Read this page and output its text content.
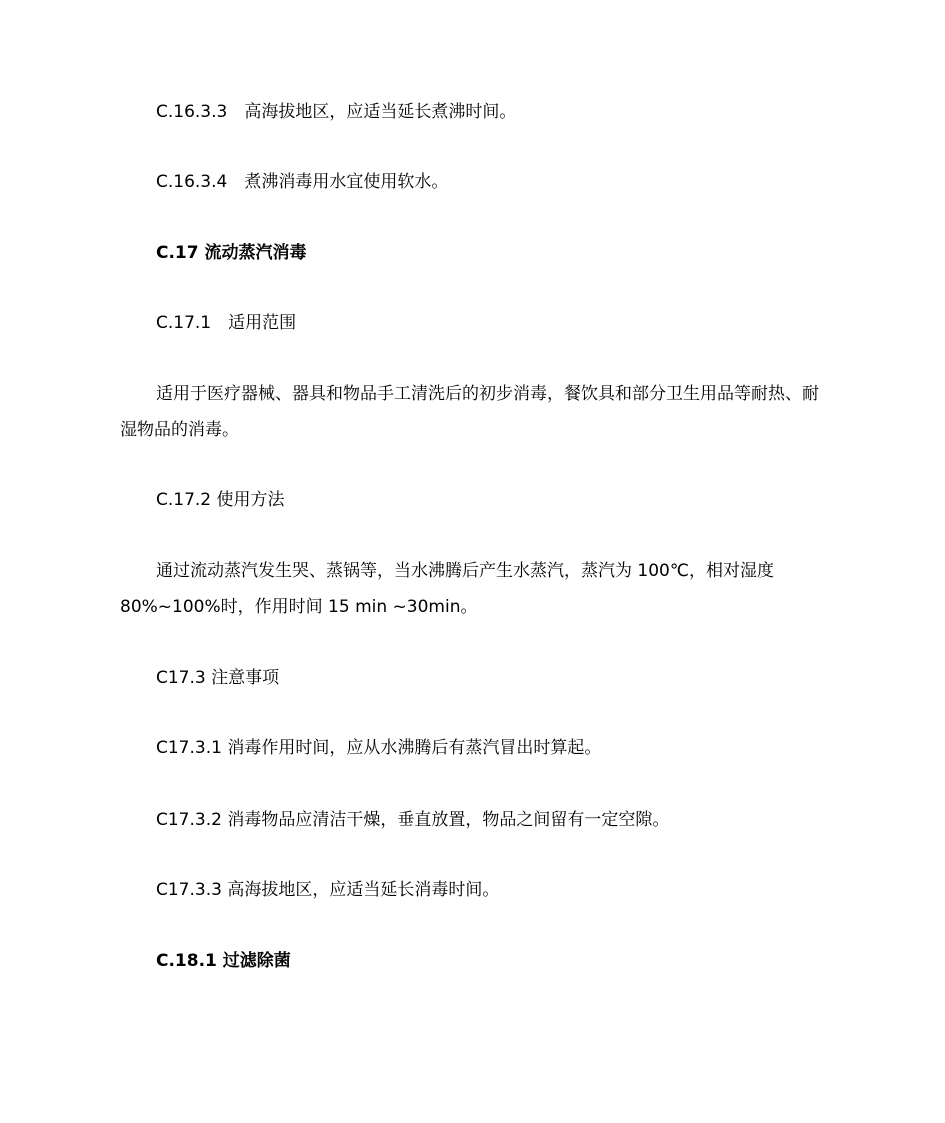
C.16.3.3　高海拔地区，应适当延长煮沸时间。
C.16.3.4　煮沸消毒用水宜使用软水。
C.17 流动蒸汽消毒
C.17.1　适用范围
适用于医疗器械、器具和物品手工清洗后的初步消毒，餐饮具和部分卫生用品等耐热、耐湿物品的消毒。
C.17.2 使用方法
通过流动蒸汽发生哭、蒸锅等，当水沸腾后产生水蒸汽，蒸汽为 100℃，相对湿度 80%~100%时，作用时间 15 min ~30min。
C17.3 注意事项
C17.3.1 消毒作用时间，应从水沸腾后有蒸汽冒出时算起。
C17.3.2 消毒物品应清洁干燥，垂直放置，物品之间留有一定空隙。
C17.3.3 高海拔地区，应适当延长消毒时间。
C.18.1 过滤除菌
